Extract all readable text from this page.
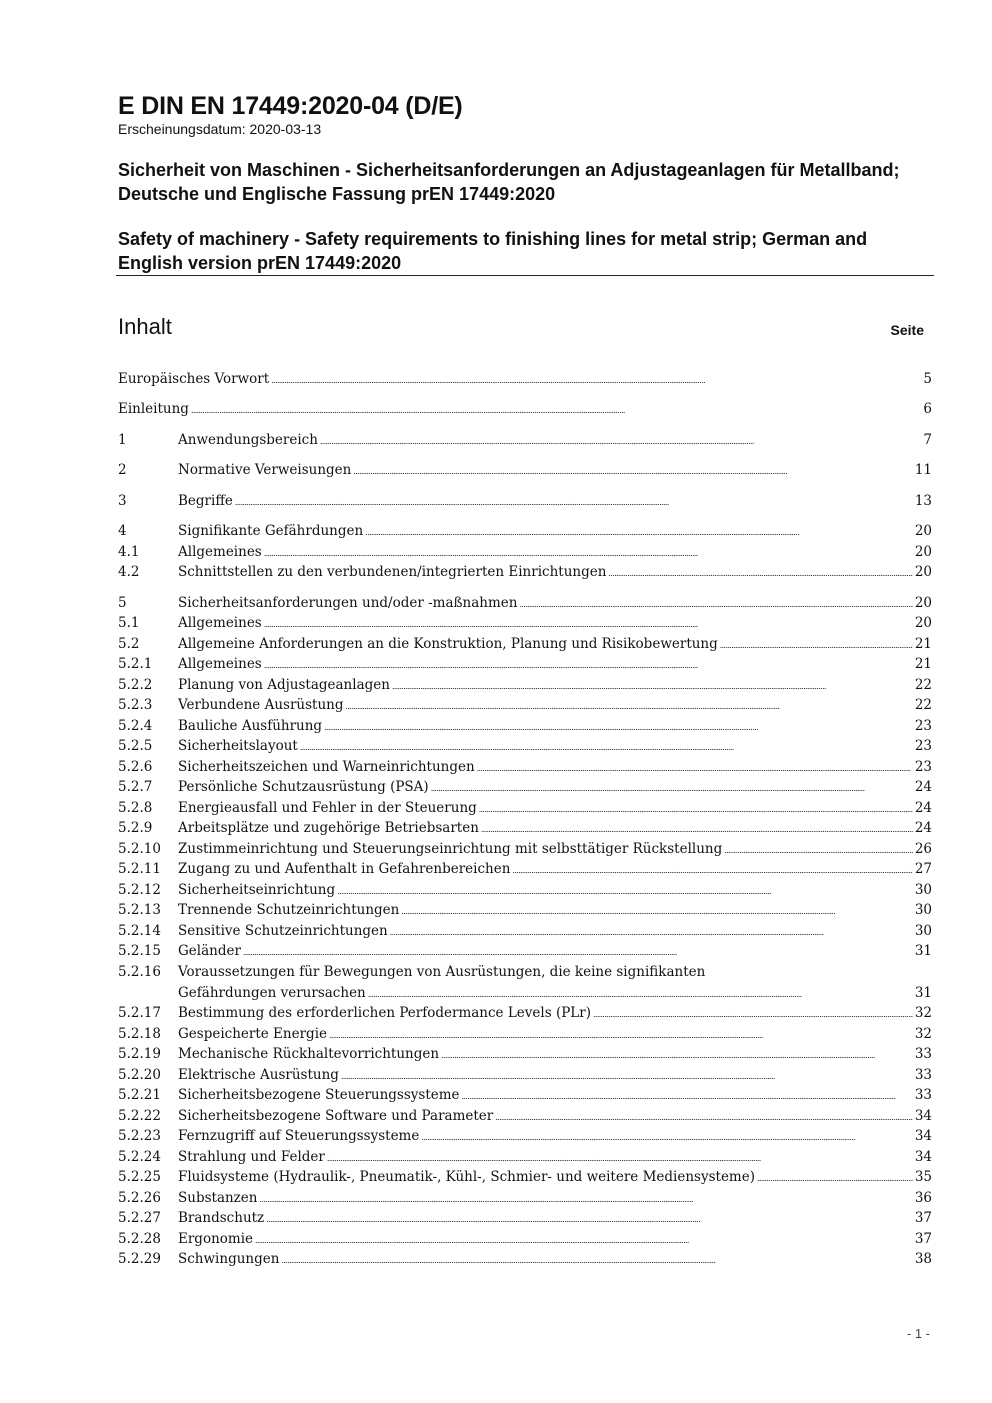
E DIN EN 17449:2020-04 (D/E)
Erscheinungsdatum: 2020-03-13
Sicherheit von Maschinen - Sicherheitsanforderungen an Adjustageanlagen für Metallband; Deutsche und Englische Fassung prEN 17449:2020
Safety of machinery - Safety requirements to finishing lines for metal strip; German and English version prEN 17449:2020
Inhalt	Seite
Europäisches Vorwort . . .	5
Einleitung . . .	6
1	Anwendungsbereich . . .	7
2	Normative Verweisungen . . .	11
3	Begriffe . . .	13
4	Signifikante Gefährdungen . . .	20
4.1	Allgemeines . . .	20
4.2	Schnittstellen zu den verbundenen/integrierten Einrichtungen . . .	20
5	Sicherheitsanforderungen und/oder -maßnahmen . . .	20
5.1	Allgemeines . . .	20
5.2	Allgemeine Anforderungen an die Konstruktion, Planung und Risikobewertung . . .	21
5.2.1 Allgemeines . . .	21
5.2.2 Planung von Adjustageanlagen . . .	22
5.2.3 Verbundene Ausrüstung . . .	22
5.2.4 Bauliche Ausführung . . .	23
5.2.5 Sicherheitslayout . . .	23
5.2.6 Sicherheitszeichen und Warneinrichtungen . . .	23
5.2.7 Persönliche Schutzausrüstung (PSA) . . .	24
5.2.8 Energieausfall und Fehler in der Steuerung . . .	24
5.2.9 Arbeitsplätze und zugehörige Betriebsarten . . .	24
5.2.10 Zustimmeinrichtung und Steuerungseinrichtung mit selbsttätiger Rückstellung . . .	26
5.2.11 Zugang zu und Aufenthalt in Gefahrenbereichen . . .	27
5.2.12 Sicherheitseinrichtung . . .	30
5.2.13 Trennende Schutzeinrichtungen . . .	30
5.2.14 Sensitive Schutzeinrichtungen . . .	30
5.2.15 Geländer . . .	31
5.2.16 Voraussetzungen für Bewegungen von Ausrüstungen, die keine signifikanten
Gefährdungen verursachen . . .	31
5.2.17 Bestimmung des erforderlichen Perfodermance Levels (PLr) . . .	32
5.2.18 Gespeicherte Energie . . .	32
5.2.19 Mechanische Rückhaltevorrichtungen . . .	33
5.2.20 Elektrische Ausrüstung . . .	33
5.2.21 Sicherheitsbezogene Steuerungssysteme . . .	33
5.2.22 Sicherheitsbezogene Software und Parameter . . .	34
5.2.23 Fernzugriff auf Steuerungssysteme . . .	34
5.2.24 Strahlung und Felder . . .	34
5.2.25 Fluidsysteme (Hydraulik-, Pneumatik-, Kühl-, Schmier- und weitere Mediensysteme) . . .	35
5.2.26 Substanzen . . .	36
5.2.27 Brandschutz . . .	37
5.2.28 Ergonomie . . .	37
5.2.29 Schwingungen . . .	38
- 1 -
